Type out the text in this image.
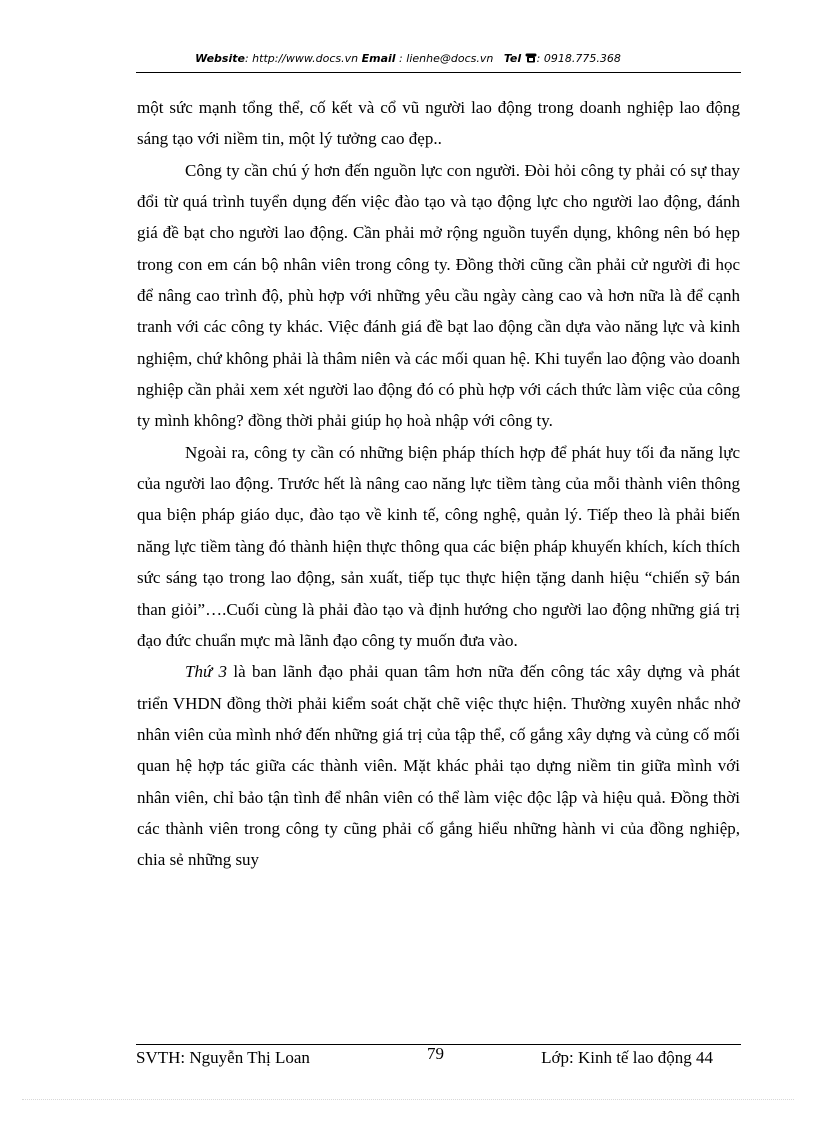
Website: http://www.docs.vn Email : lienhe@docs.vn Tel : 0918.775.368

một sức mạnh tổng thể, cố kết và cổ vũ người lao động trong doanh nghiệp lao động sáng tạo với niềm tin, một lý tưởng cao đẹp..

Công ty cần chú ý hơn đến nguồn lực con người. Đòi hỏi công ty phải có sự thay đổi từ quá trình tuyển dụng đến việc đào tạo và tạo động lực cho người lao động, đánh giá đề bạt cho người lao động. Cần phải mở rộng nguồn tuyển dụng, không nên bó hẹp trong con em cán bộ nhân viên trong công ty. Đồng thời cũng cần phải cử người đi học để nâng cao trình độ, phù hợp với những yêu cầu ngày càng cao và hơn nữa là để cạnh tranh với các công ty khác. Việc đánh giá đề bạt lao động cần dựa vào năng lực và kinh nghiệm, chứ không phải là thâm niên và các mối quan hệ. Khi tuyển lao động vào doanh nghiệp cần phải xem xét người lao động đó có phù hợp với cách thức làm việc của công ty mình không? đồng thời phải giúp họ hoà nhập với công ty.

Ngoài ra, công ty cần có những biện pháp thích hợp để phát huy tối đa năng lực của người lao động. Trước hết là nâng cao năng lực tiềm tàng của mỗi thành viên thông qua biện pháp giáo dục, đào tạo về kinh tế, công nghệ, quản lý. Tiếp theo là phải biến năng lực tiềm tàng đó thành hiện thực thông qua các biện pháp khuyến khích, kích thích sức sáng tạo trong lao động, sản xuất, tiếp tục thực hiện tặng danh hiệu “chiến sỹ bán than giỏi”….Cuối cùng là phải đào tạo và định hướng cho người lao động những giá trị đạo đức chuẩn mực mà lãnh đạo công ty muốn đưa vào.

Thứ 3 là ban lãnh đạo phải quan tâm hơn nữa đến công tác xây dựng và phát triển VHDN đồng thời phải kiểm soát chặt chẽ việc thực hiện. Thường xuyên nhắc nhở nhân viên của mình nhớ đến những giá trị của tập thể, cố gắng xây dựng và củng cố mối quan hệ hợp tác giữa các thành viên. Mặt khác phải tạo dựng niềm tin giữa mình với nhân viên, chỉ bảo tận tình để nhân viên có thể làm việc độc lập và hiệu quả. Đồng thời các thành viên trong công ty cũng phải cố gắng hiểu những hành vi của đồng nghiệp, chia sẻ những suy

SVTH: Nguyễn Thị Loan	79	Lớp: Kinh tế lao động 44
